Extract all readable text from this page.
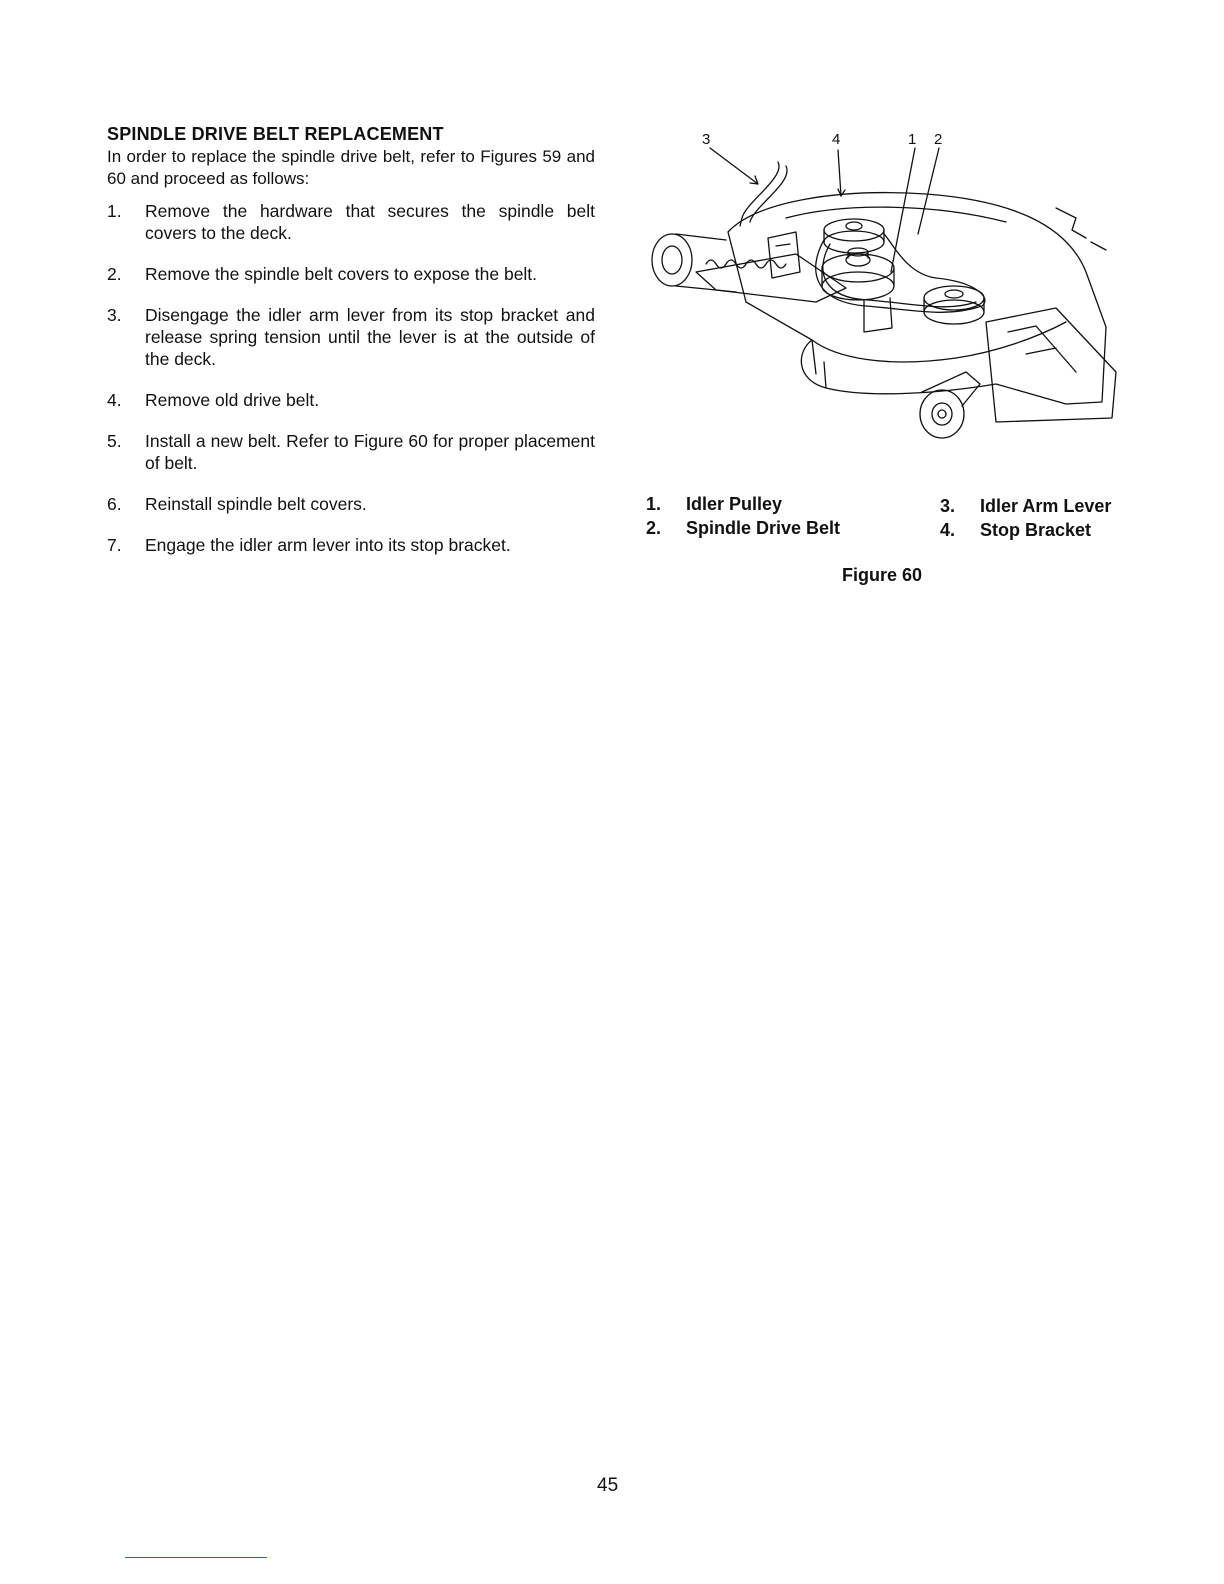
SPINDLE DRIVE BELT REPLACEMENT

In order to replace the spindle drive belt, refer to Figures 59 and 60 and proceed as follows:

1.	Remove the hardware that secures the spindle belt covers to the deck.
2.	Remove the spindle belt covers to expose the belt.
3.	Disengage the idler arm lever from its stop bracket and release spring tension until the lever is at the outside of the deck.
4.	Remove old drive belt.
5.	Install a new belt. Refer to Figure 60 for proper placement of belt.
6.	Reinstall spindle belt covers.
7.	Engage the idler arm lever into its stop bracket.
3	4	1 2
1.	Idler Pulley
2.	Spindle Drive Belt
3.	Idler Arm Lever
4.	Stop Bracket
Figure 60
45
